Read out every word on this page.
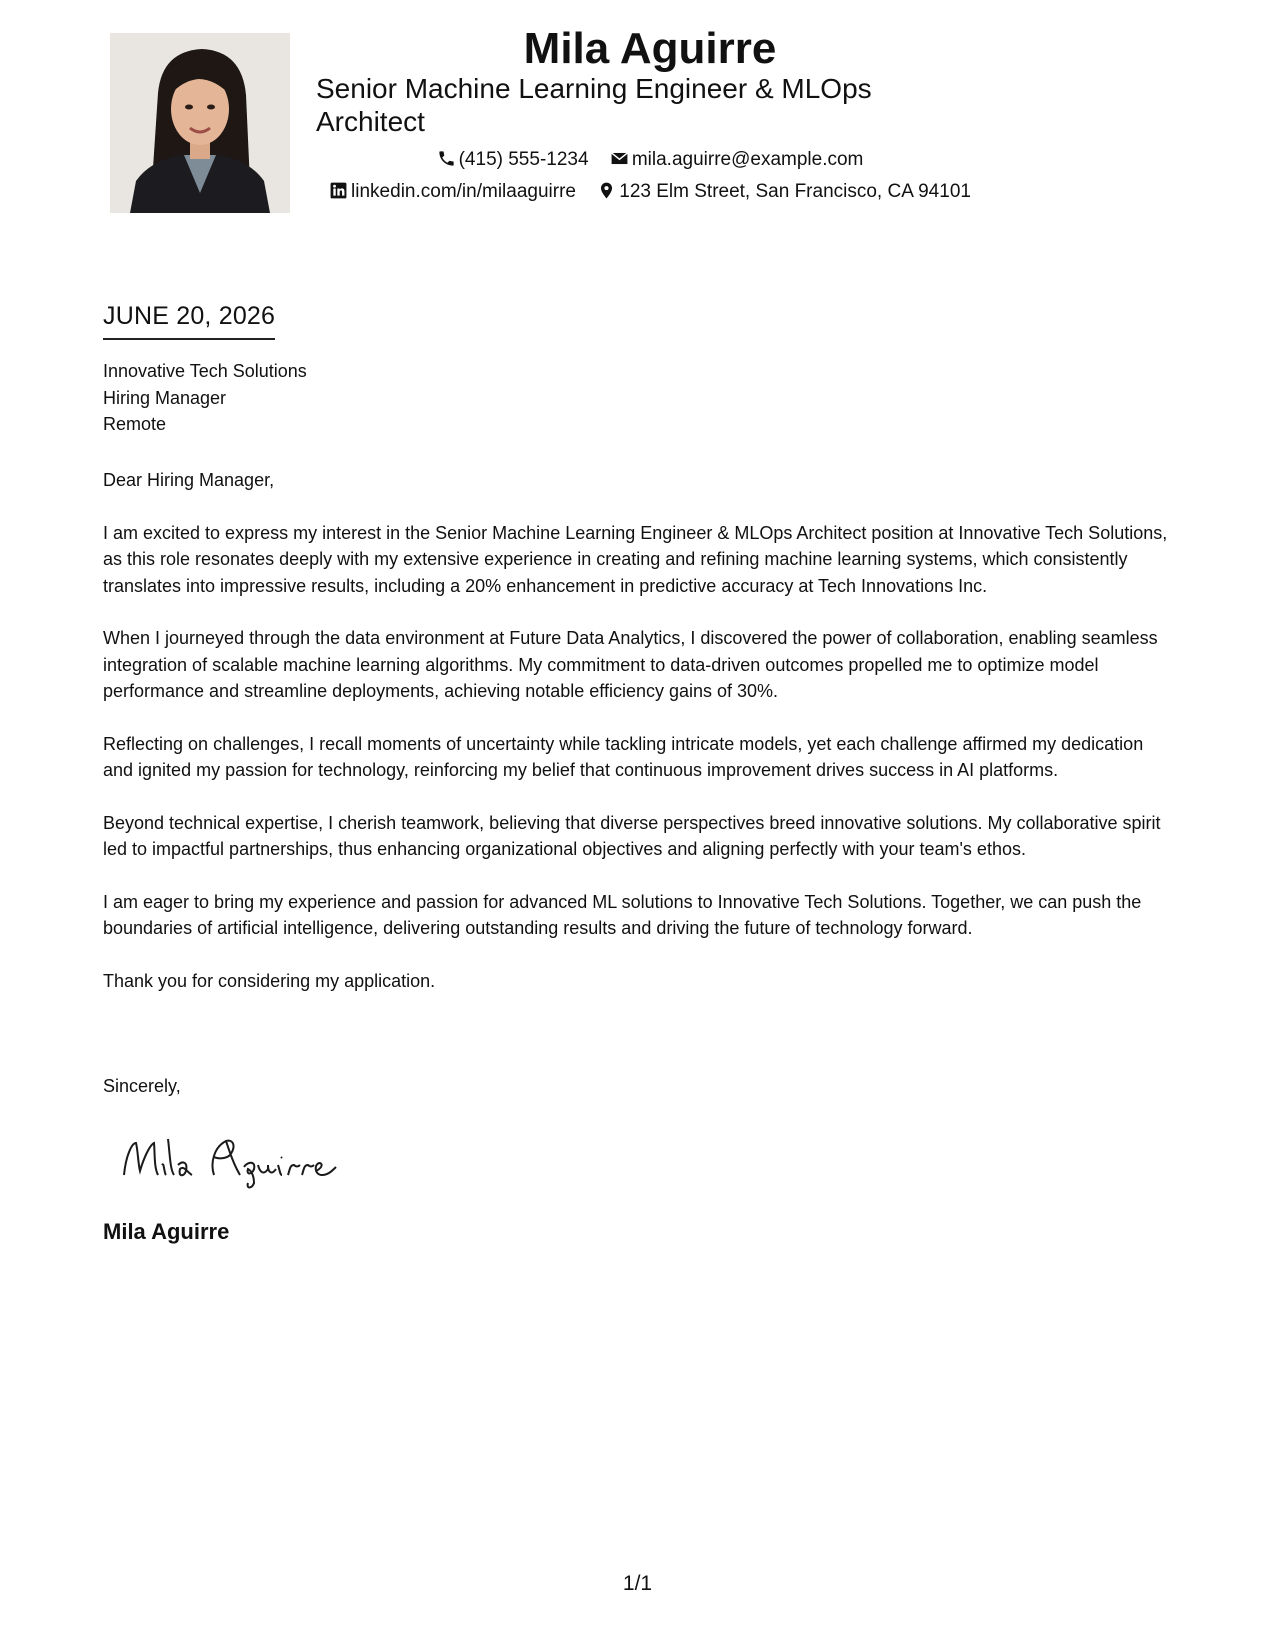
Mila Aguirre
Senior Machine Learning Engineer & MLOps Architect
(415) 555-1234 mila.aguirre@example.com
linkedin.com/in/milaaguirre 123 Elm Street, San Francisco, CA 94101
JUNE 20, 2026
Innovative Tech Solutions
Hiring Manager
Remote

Dear Hiring Manager,

I am excited to express my interest in the Senior Machine Learning Engineer & MLOps Architect position at Innovative Tech Solutions, as this role resonates deeply with my extensive experience in creating and refining machine learning systems, which consistently translates into impressive results, including a 20% enhancement in predictive accuracy at Tech Innovations Inc.

When I journeyed through the data environment at Future Data Analytics, I discovered the power of collaboration, enabling seamless integration of scalable machine learning algorithms. My commitment to data-driven outcomes propelled me to optimize model performance and streamline deployments, achieving notable efficiency gains of 30%.

Reflecting on challenges, I recall moments of uncertainty while tackling intricate models, yet each challenge affirmed my dedication and ignited my passion for technology, reinforcing my belief that continuous improvement drives success in AI platforms.

Beyond technical expertise, I cherish teamwork, believing that diverse perspectives breed innovative solutions. My collaborative spirit led to impactful partnerships, thus enhancing organizational objectives and aligning perfectly with your team's ethos.

I am eager to bring my experience and passion for advanced ML solutions to Innovative Tech Solutions. Together, we can push the boundaries of artificial intelligence, delivering outstanding results and driving the future of technology forward.

Thank you for considering my application.

Sincerely,
Mila Aguirre
1/1
